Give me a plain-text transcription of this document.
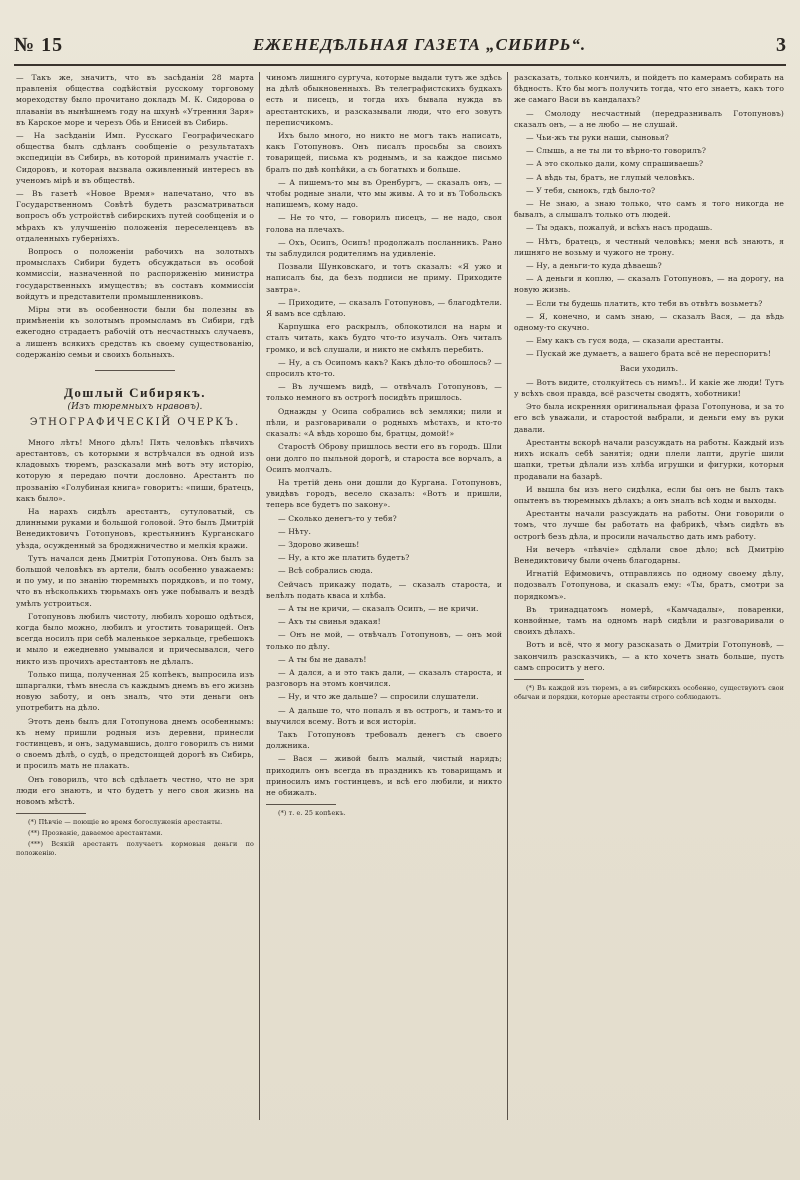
№ 15	ЕЖЕНЕДѢЛЬНАЯ ГАЗЕТА „СИБИРЬ“.	3

— Такъ же, значитъ, что въ засѣданіи 28 марта правленія общества содѣйствія русскому торговому мореходству было прочитано докладъ М. К. Сидорова о плаваніи въ нынѣшнемъ году на шхунѣ «Утренняя Заря» въ Карское море и черезъ Обь и Енисей въ Сибирь.

— На засѣданіи Имп. Русскаго Географическаго общества былъ сдѣланъ сообщеніе о результатахъ экспедиціи въ Сибирь, въ которой принималъ участіе г. Сидоровъ, и которая вызвала оживленный интересъ въ ученомъ мірѣ и въ обществѣ.

— Въ газетѣ «Новое Время» напечатано, что въ Государственномъ Совѣтѣ будетъ разсматриваться вопросъ объ устройствѣ сибирскихъ путей сообщенія и о мѣрахъ къ улучшенію положенія переселенцевъ въ отдаленныхъ губерніяхъ.

Вопросъ о положеніи рабочихъ на золотыхъ промыслахъ Сибири будетъ обсуждаться въ особой коммиссіи, назначенной по распоряженію министра государственныхъ имуществъ; въ составъ коммиссіи войдутъ и представители промышленниковъ.

Міры эти въ особенности были бы полезны въ примѣненіи къ золотымъ промысламъ въ Сибири, гдѣ ежегодно страдаетъ рабочій отъ несчастныхъ случаевъ, а лишенъ всякихъ средствъ къ своему существованію, содержанію семьи и своихъ больныхъ.

Дошлый Сибирякъ.
(Изъ тюремныхъ нравовъ).
ЭТНОГРАФИЧЕСКІЙ ОЧЕРКЪ.

Много лѣтъ! Много дѣлъ! Пять человѣкъ пѣвчихъ арестантовъ, съ которыми я встрѣчался въ одной изъ кладовыхъ тюремъ, разсказали мнѣ вотъ эту исторію, которую я передаю почти дословно. Арестантъ по прозванію «Голубиная книга» говоритъ: «пиши, братецъ, какъ было».

На нарахъ сидѣлъ арестантъ, сутуловатый, съ длинными руками и большой головой. Это былъ Дмитрій Венедиктовичъ Готопуновъ, крестьянинъ Курганскаго уѣзда, осужденный за бродяжничество и мелкія кражи.

Тутъ начался день Дмитрія Готопунова. Онъ былъ за большой человѣкъ въ артели, былъ особенно уважаемъ: и по уму, и по знанію тюремныхъ порядковъ, и по тому, что въ нѣсколькихъ тюрьмахъ онъ уже побывалъ и вездѣ умѣлъ устроиться.

Готопуновъ любилъ чистоту, любилъ хорошо одѣться, когда было можно, любилъ и угостить товарищей. Онъ всегда носилъ при себѣ маленькое зеркальце, гребешокъ и мыло и ежедневно умывался и причесывался, чего никто изъ прочихъ арестантовъ не дѣлалъ.

Только пища, полученная 25 копѣекъ, выпросила изъ шпаргалки, тѣмъ внесла съ каждымъ днемъ въ его жизнь новую заботу, и онъ зналъ, что эти деньги онъ употребитъ на дѣло.

Этотъ день былъ для Готопунова днемъ особеннымъ: къ нему пришли родныя изъ деревни, принесли гостинцевъ, и онъ, задумавшись, долго говорилъ съ ними о своемъ дѣлѣ, о судѣ, о предстоящей дорогѣ въ Сибирь, и просилъ мать не плакать.

Онъ говорилъ, что всѣ сдѣлаетъ честно, что не зря люди его знаютъ, и что будетъ у него своя жизнь на новомъ мѣстѣ.

(*) Пѣвчіе — поющіе во время богослуженія арестанты.

(**) Прозваніе, даваемое арестантами.

(***) Всякій арестантъ получаетъ кормовыя деньги по положенію.

чиномъ лишняго сургуча, которые выдали тутъ же здѣсь на дѣлѣ обыкновенныхъ. Въ телеграфистскихъ будкахъ есть и писецъ, и тогда ихъ бывала нужда въ арестантскихъ, и разсказывали люди, что его зовутъ переписчикомъ.

Ихъ было много, но никто не могъ такъ написать, какъ Готопуновъ. Онъ писалъ просьбы за своихъ товарищей, письма къ роднымъ, и за каждое письмо бралъ по двѣ копѣйки, а съ богатыхъ и больше.

— А пишемъ-то мы въ Оренбургъ, — сказалъ онъ, — чтобы родные знали, что мы живы. А то и въ Тобольскъ напишемъ, кому надо.

— Не то что, — говорилъ писецъ, — не надо, своя голова на плечахъ.

— Охъ, Осипъ, Осипъ! продолжалъ посланникъ. Рано ты заблудился родителямъ на удивленіе.

Позвали Шунковскаго, и тотъ сказалъ: «Я ужо и написалъ бы, да безъ подписи не приму. Приходите завтра».

— Приходите, — сказалъ Готопуновъ, — благодѣтели. Я вамъ все сдѣлаю.

Карпушка его раскрылъ, облокотился на нары и сталъ читать, какъ будто что-то изучалъ. Онъ читалъ громко, и всѣ слушали, и никто не смѣялъ перебить.

— Ну, а съ Осипомъ какъ? Какъ дѣло-то обошлось? — спросилъ кто-то.

— Въ лучшемъ видѣ, — отвѣчалъ Готопуновъ, — только немного въ острогѣ посидѣть пришлось.

Однажды у Осипа собрались всѣ земляки; пили и пѣли, и разговаривали о родныхъ мѣстахъ, и кто-то сказалъ: «А вѣдь хорошо бы, братцы, домой!»

Старостѣ Оброву пришлось вести его въ городъ. Шли они долго по пыльной дорогѣ, и староста все ворчалъ, а Осипъ молчалъ.

На третій день они дошли до Кургана. Готопуновъ, увидѣвъ городъ, весело сказалъ: «Вотъ и пришли, теперь все будетъ по закону».

— Сколько денегъ-то у тебя?

— Нѣту.

— Здорово живешь!

— Ну, а кто же платить будетъ?

— Всѣ собрались сюда.

Сейчасъ прикажу подать, — сказалъ староста, и велѣлъ подать кваса и хлѣба.

— А ты не кричи, — сказалъ Осипъ, — не кричи.

— Ахъ ты свинья эдакая!

— Онъ не мой, — отвѣчалъ Готопуновъ, — онъ мой только по дѣлу.

— А ты бы не давалъ!

— А дался, а и это такъ дали, — сказалъ староста, и разговоръ на этомъ кончился.

— Ну, и что же дальше? — спросили слушатели.

— А дальше то, что попалъ я въ острогъ, и тамъ-то и выучился всему. Вотъ и вся исторія.

Такъ Готопуновъ требовалъ денегъ съ своего должника.

— Вася — живой былъ малый, чистый нарядъ; приходилъ онъ всегда въ праздникъ къ товарищамъ и приносилъ имъ гостинцевъ, и всѣ его любили, и никто не обижалъ.

(*) т. е. 25 копѣекъ.

разсказать, только кончилъ, и пойдетъ по камерамъ собирать на бѣдность. Кто бы могъ получить тогда, что его знаетъ, какъ того же самаго Васи въ кандалахъ?

— Смолоду несчастный (передразнивалъ Готопуновъ) сказалъ онъ, — а не любо — не слушай.

— Чьи-жъ ты руки наши, сыновья?

— Слышь, а не ты ли то вѣрно-то говорилъ?

— А это сколько дали, кому спрашиваешь?

— А вѣдь ты, братъ, не глупый человѣкъ.

— У тебя, сынокъ, гдѣ было-то?

— Не знаю, а знаю только, что самъ я того никогда не бывалъ, а слышалъ только отъ людей.

— Ты эдакъ, пожалуй, и всѣхъ насъ продашь.

— Нѣтъ, братецъ, я честный человѣкъ; меня всѣ знаютъ, я лишняго не возьму и чужого не трону.

— Ну, а деньги-то куда дѣваешь?

— А деньги я коплю, — сказалъ Готопуновъ, — на дорогу, на новую жизнь.

— Если ты будешь платить, кто тебя въ отвѣтъ возьметъ?

— Я, конечно, и самъ знаю, — сказалъ Вася, — да вѣдь одному-то скучно.

— Ему какъ съ гуся вода, — сказали арестанты.

— Пускай же думаетъ, а вашего брата всё не переспоритъ!

Васи уходилъ.

— Вотъ видите, столкуйтесь съ нимъ!.. И какіе же люди! Тутъ у всѣхъ своя правда, всё разсчеты сводятъ, хоботники!

Это была искренняя оригинальная фраза Готопунова, и за то его всѣ уважали, и старостой выбрали, и деньги ему въ руки давали.

Арестанты вскорѣ начали разсуждать на работы. Каждый изъ нихъ искалъ себѣ занятія; одни плели лапти, другіе шили шапки, третьи дѣлали изъ хлѣба игрушки и фигурки, которыя продавали на базарѣ.

И вышла бы изъ него сидѣлка, если бы онъ не былъ такъ опытенъ въ тюремныхъ дѣлахъ; а онъ зналъ всѣ ходы и выходы.

Арестанты начали разсуждать на работы. Они говорили о томъ, что лучше бы работать на фабрикѣ, чѣмъ сидѣть въ острогѣ безъ дѣла, и просили начальство дать имъ работу.

Ни вечеръ «пѣвчіе» сдѣлали свое дѣло; всѣ Дмитрію Венедиктовичу были очень благодарны.

Игнатій Ефимовичъ, отправляясь по одному своему дѣлу, подозвалъ Готопунова, и сказалъ ему: «Ты, братъ, смотри за порядкомъ».

Въ тринадцатомъ номерѣ, «Камчадалы», поваренки, конвойные, тамъ на одномъ нарѣ сидѣли и разговаривали о своихъ дѣлахъ.

Вотъ и всё, что я могу разсказать о Дмитріи Готопуновѣ, — закончилъ разсказчикъ, — а кто хочетъ знать больше, пусть самъ спроситъ у него.

(*) Въ каждой изъ тюремъ, а въ сибирскихъ особенно, существуютъ свои обычаи и порядки, которые арестанты строго соблюдаютъ.
